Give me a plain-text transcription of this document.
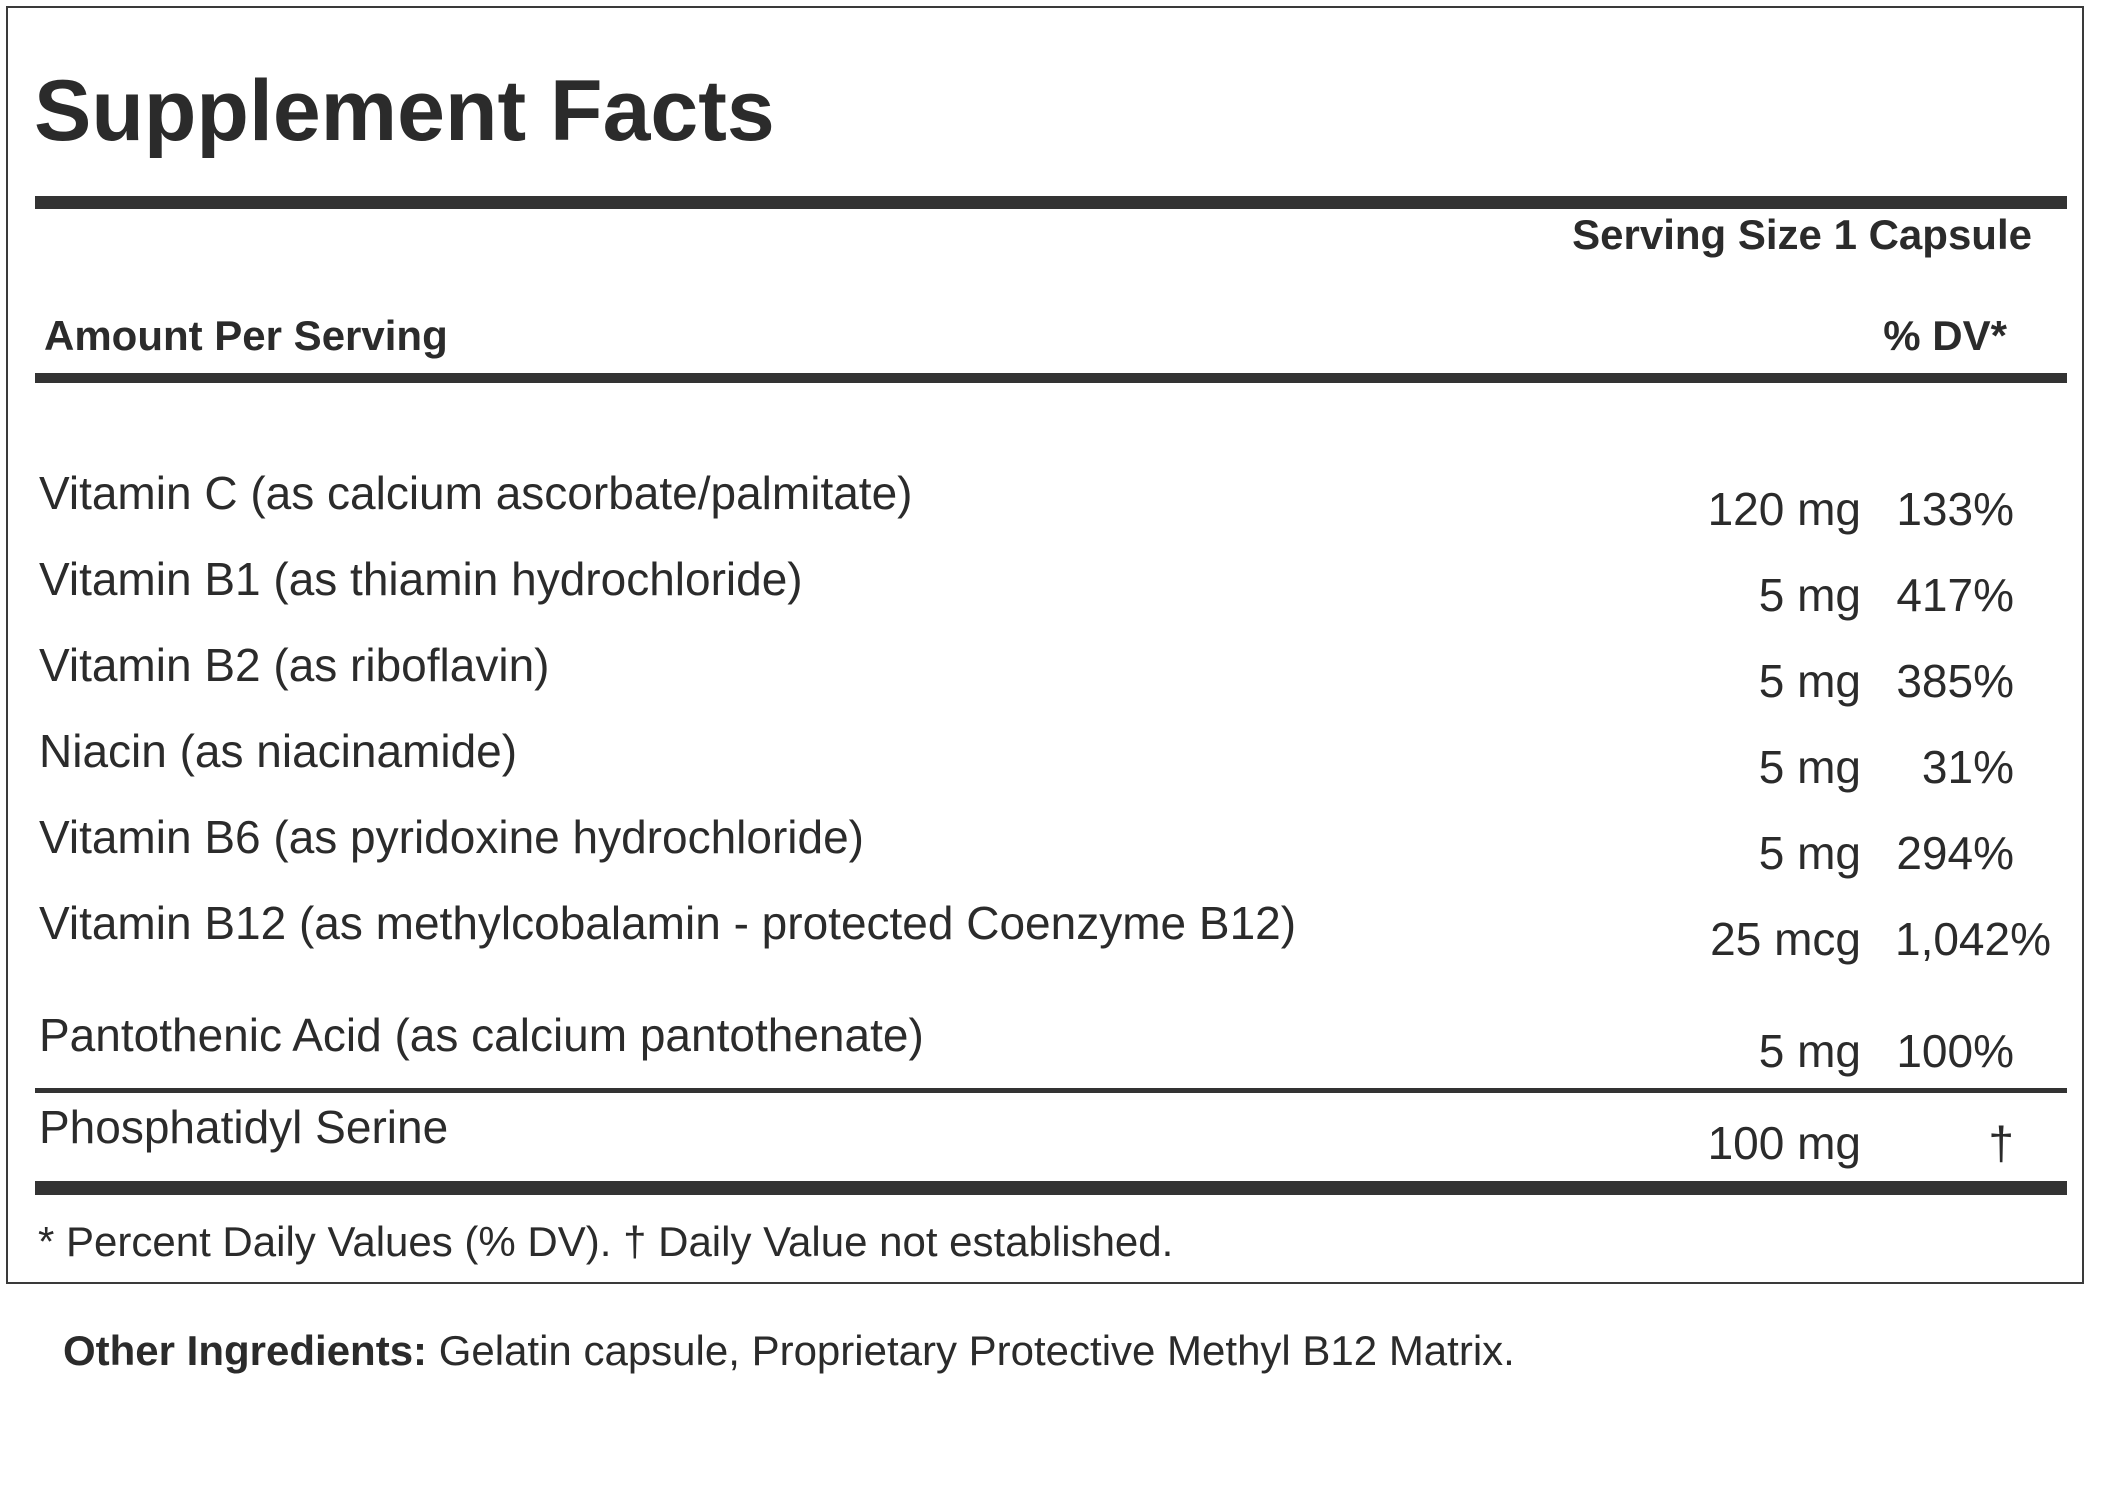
Supplement Facts
Serving Size 1 Capsule
Amount Per Serving	% DV*
Vitamin C (as calcium ascorbate/palmitate)	120 mg 133%
Vitamin B1 (as thiamin hydrochloride)	5 mg 417%
Vitamin B2 (as riboflavin)	5 mg 385%
Niacin (as niacinamide)	5 mg	31%
Vitamin B6 (as pyridoxine hydrochloride)	5 mg 294%
Vitamin B12 (as methylcobalamin - protected Coenzyme B12)	25 mcg 1,042%
Pantothenic Acid (as calcium pantothenate)	5 mg 100%
Phosphatidyl Serine	100 mg	†
* Percent Daily Values (% DV). † Daily Value not established.
Other Ingredients: Gelatin capsule, Proprietary Protective Methyl B12 Matrix.
